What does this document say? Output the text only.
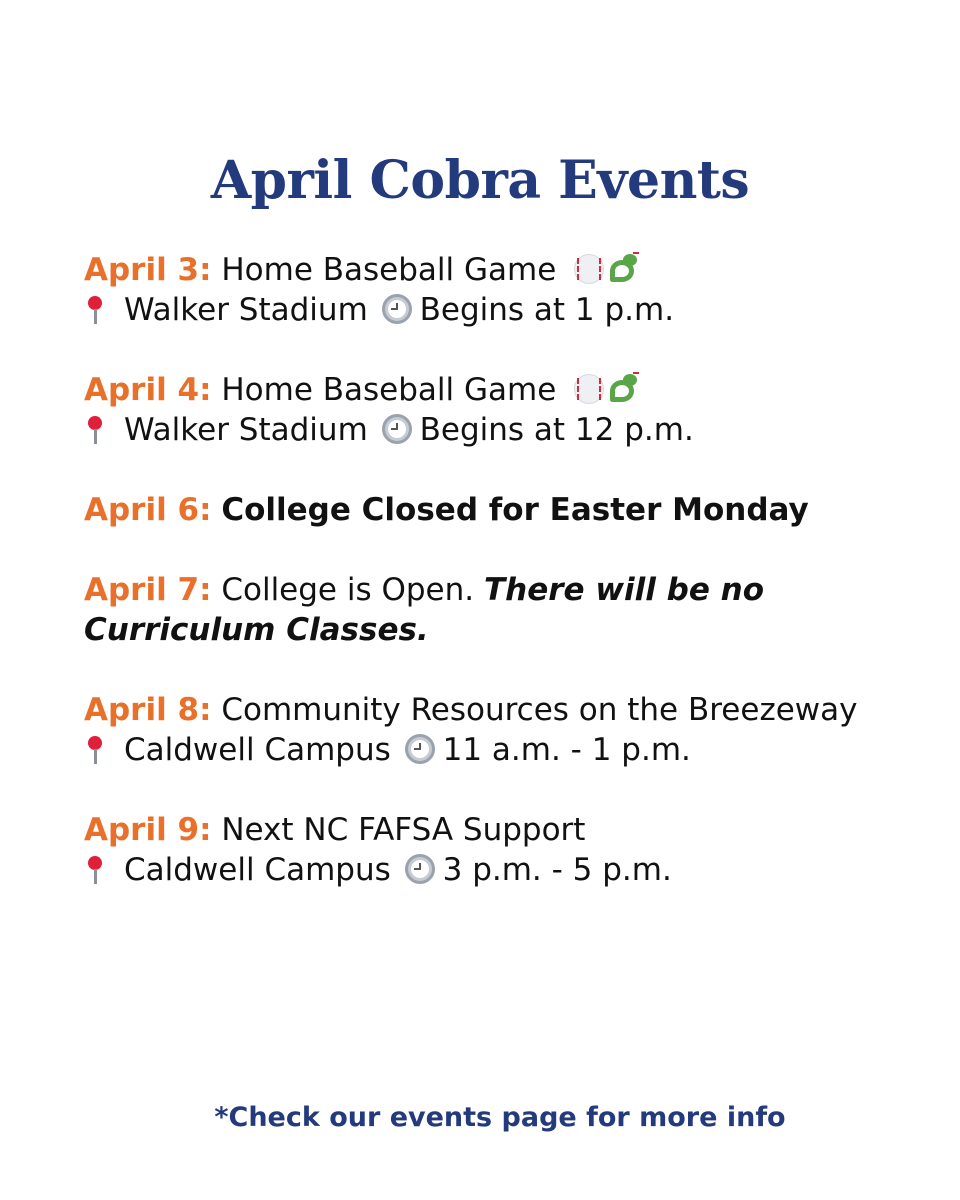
April Cobra Events
April 3: Home Baseball Game
Walker Stadium Begins at 1 p.m.
April 4: Home Baseball Game
Walker Stadium Begins at 12 p.m.
April 6: College Closed for Easter Monday
April 7: College is Open. There will be no Curriculum Classes.
April 8: Community Resources on the Breezeway
Caldwell Campus 11 a.m. - 1 p.m.
April 9: Next NC FAFSA Support
Caldwell Campus 3 p.m. - 5 p.m.
*Check our events page for more info
